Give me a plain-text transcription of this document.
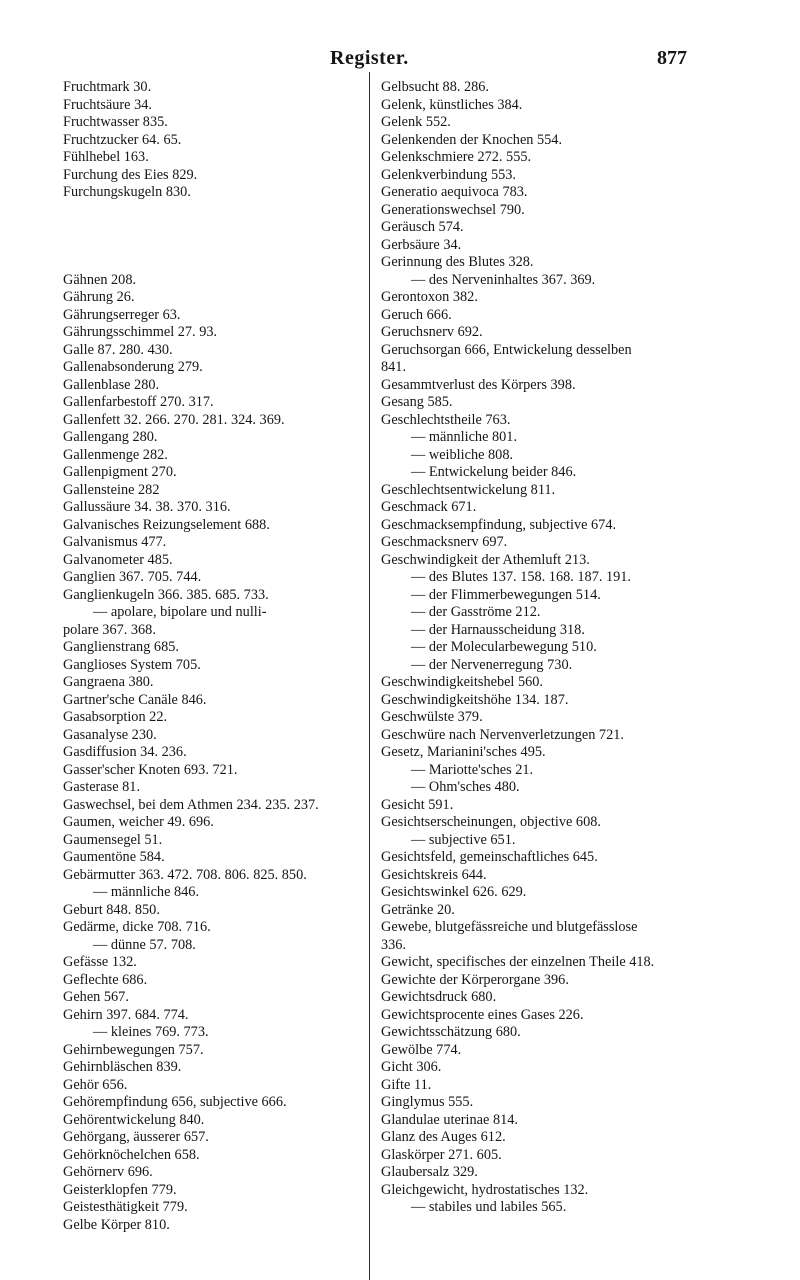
Register.	877
Fruchtmark 30.
Fruchtsäure 34.
Fruchtwasser 835.
Fruchtzucker 64. 65.
Fühlhebel 163.
Furchung des Eies 829.
Furchungskugeln 830.
Gähnen 208.
Gährung 26.
Gährungserreger 63.
Gährungsschimmel 27. 93.
Galle 87. 280. 430.
Gallenabsonderung 279.
Gallenblase 280.
Gallenfarbestoff 270. 317.
Gallenfett 32. 266. 270. 281. 324. 369.
Gallengang 280.
Gallenmenge 282.
Gallenpigment 270.
Gallensteine 282
Gallussäure 34. 38. 370. 316.
Galvanisches Reizungselement 688.
Galvanismus 477.
Galvanometer 485.
Ganglien 367. 705. 744.
Ganglienkugeln 366. 385. 685. 733.
— apolare, bipolare und nulli-
polare 367. 368.
Ganglienstrang 685.
Ganglioses System 705.
Gangraena 380.
Gartner'sche Canäle 846.
Gasabsorption 22.
Gasanalyse 230.
Gasdiffusion 34. 236.
Gasser'scher Knoten 693. 721.
Gasterase 81.
Gaswechsel, bei dem Athmen 234. 235. 237.
Gaumen, weicher 49. 696.
Gaumensegel 51.
Gaumentöne 584.
Gebärmutter 363. 472. 708. 806. 825. 850.
— männliche 846.
Geburt 848. 850.
Gedärme, dicke 708. 716.
— dünne 57. 708.
Gefässe 132.
Geflechte 686.
Gehen 567.
Gehirn 397. 684. 774.
— kleines 769. 773.
Gehirnbewegungen 757.
Gehirnbläschen 839.
Gehör 656.
Gehörempfindung 656, subjective 666.
Gehörentwickelung 840.
Gehörgang, äusserer 657.
Gehörknöchelchen 658.
Gehörnerv 696.
Geisterklopfen 779.
Geistesthätigkeit 779.
Gelbe Körper 810.
Gelbsucht 88. 286.
Gelenk, künstliches 384.
Gelenk 552.
Gelenkenden der Knochen 554.
Gelenkschmiere 272. 555.
Gelenkverbindung 553.
Generatio aequivoca 783.
Generationswechsel 790.
Geräusch 574.
Gerbsäure 34.
Gerinnung des Blutes 328.
— des Nerveninhaltes 367. 369.
Gerontoxon 382.
Geruch 666.
Geruchsnerv 692.
Geruchsorgan 666, Entwickelung desselben
841.
Gesammtverlust des Körpers 398.
Gesang 585.
Geschlechtstheile 763.
— männliche 801.
— weibliche 808.
— Entwickelung beider 846.
Geschlechtsentwickelung 811.
Geschmack 671.
Geschmacksempfindung, subjective 674.
Geschmacksnerv 697.
Geschwindigkeit der Athemluft 213.
— des Blutes 137. 158. 168. 187. 191.
— der Flimmerbewegungen 514.
— der Gasströme 212.
— der Harnausscheidung 318.
— der Molecularbewegung 510.
— der Nervenerregung 730.
Geschwindigkeitshebel 560.
Geschwindigkeitshöhe 134. 187.
Geschwülste 379.
Geschwüre nach Nervenverletzungen 721.
Gesetz, Marianini'sches 495.
— Mariotte'sches 21.
— Ohm'sches 480.
Gesicht 591.
Gesichtserscheinungen, objective 608.
— subjective 651.
Gesichtsfeld, gemeinschaftliches 645.
Gesichtskreis 644.
Gesichtswinkel 626. 629.
Getränke 20.
Gewebe, blutgefässreiche und blutgefässlose
336.
Gewicht, specifisches der einzelnen Theile 418.
Gewichte der Körperorgane 396.
Gewichtsdruck 680.
Gewichtsprocente eines Gases 226.
Gewichtsschätzung 680.
Gewölbe 774.
Gicht 306.
Gifte 11.
Ginglymus 555.
Glandulae uterinae 814.
Glanz des Auges 612.
Glaskörper 271. 605.
Glaubersalz 329.
Gleichgewicht, hydrostatisches 132.
— stabiles und labiles 565.
